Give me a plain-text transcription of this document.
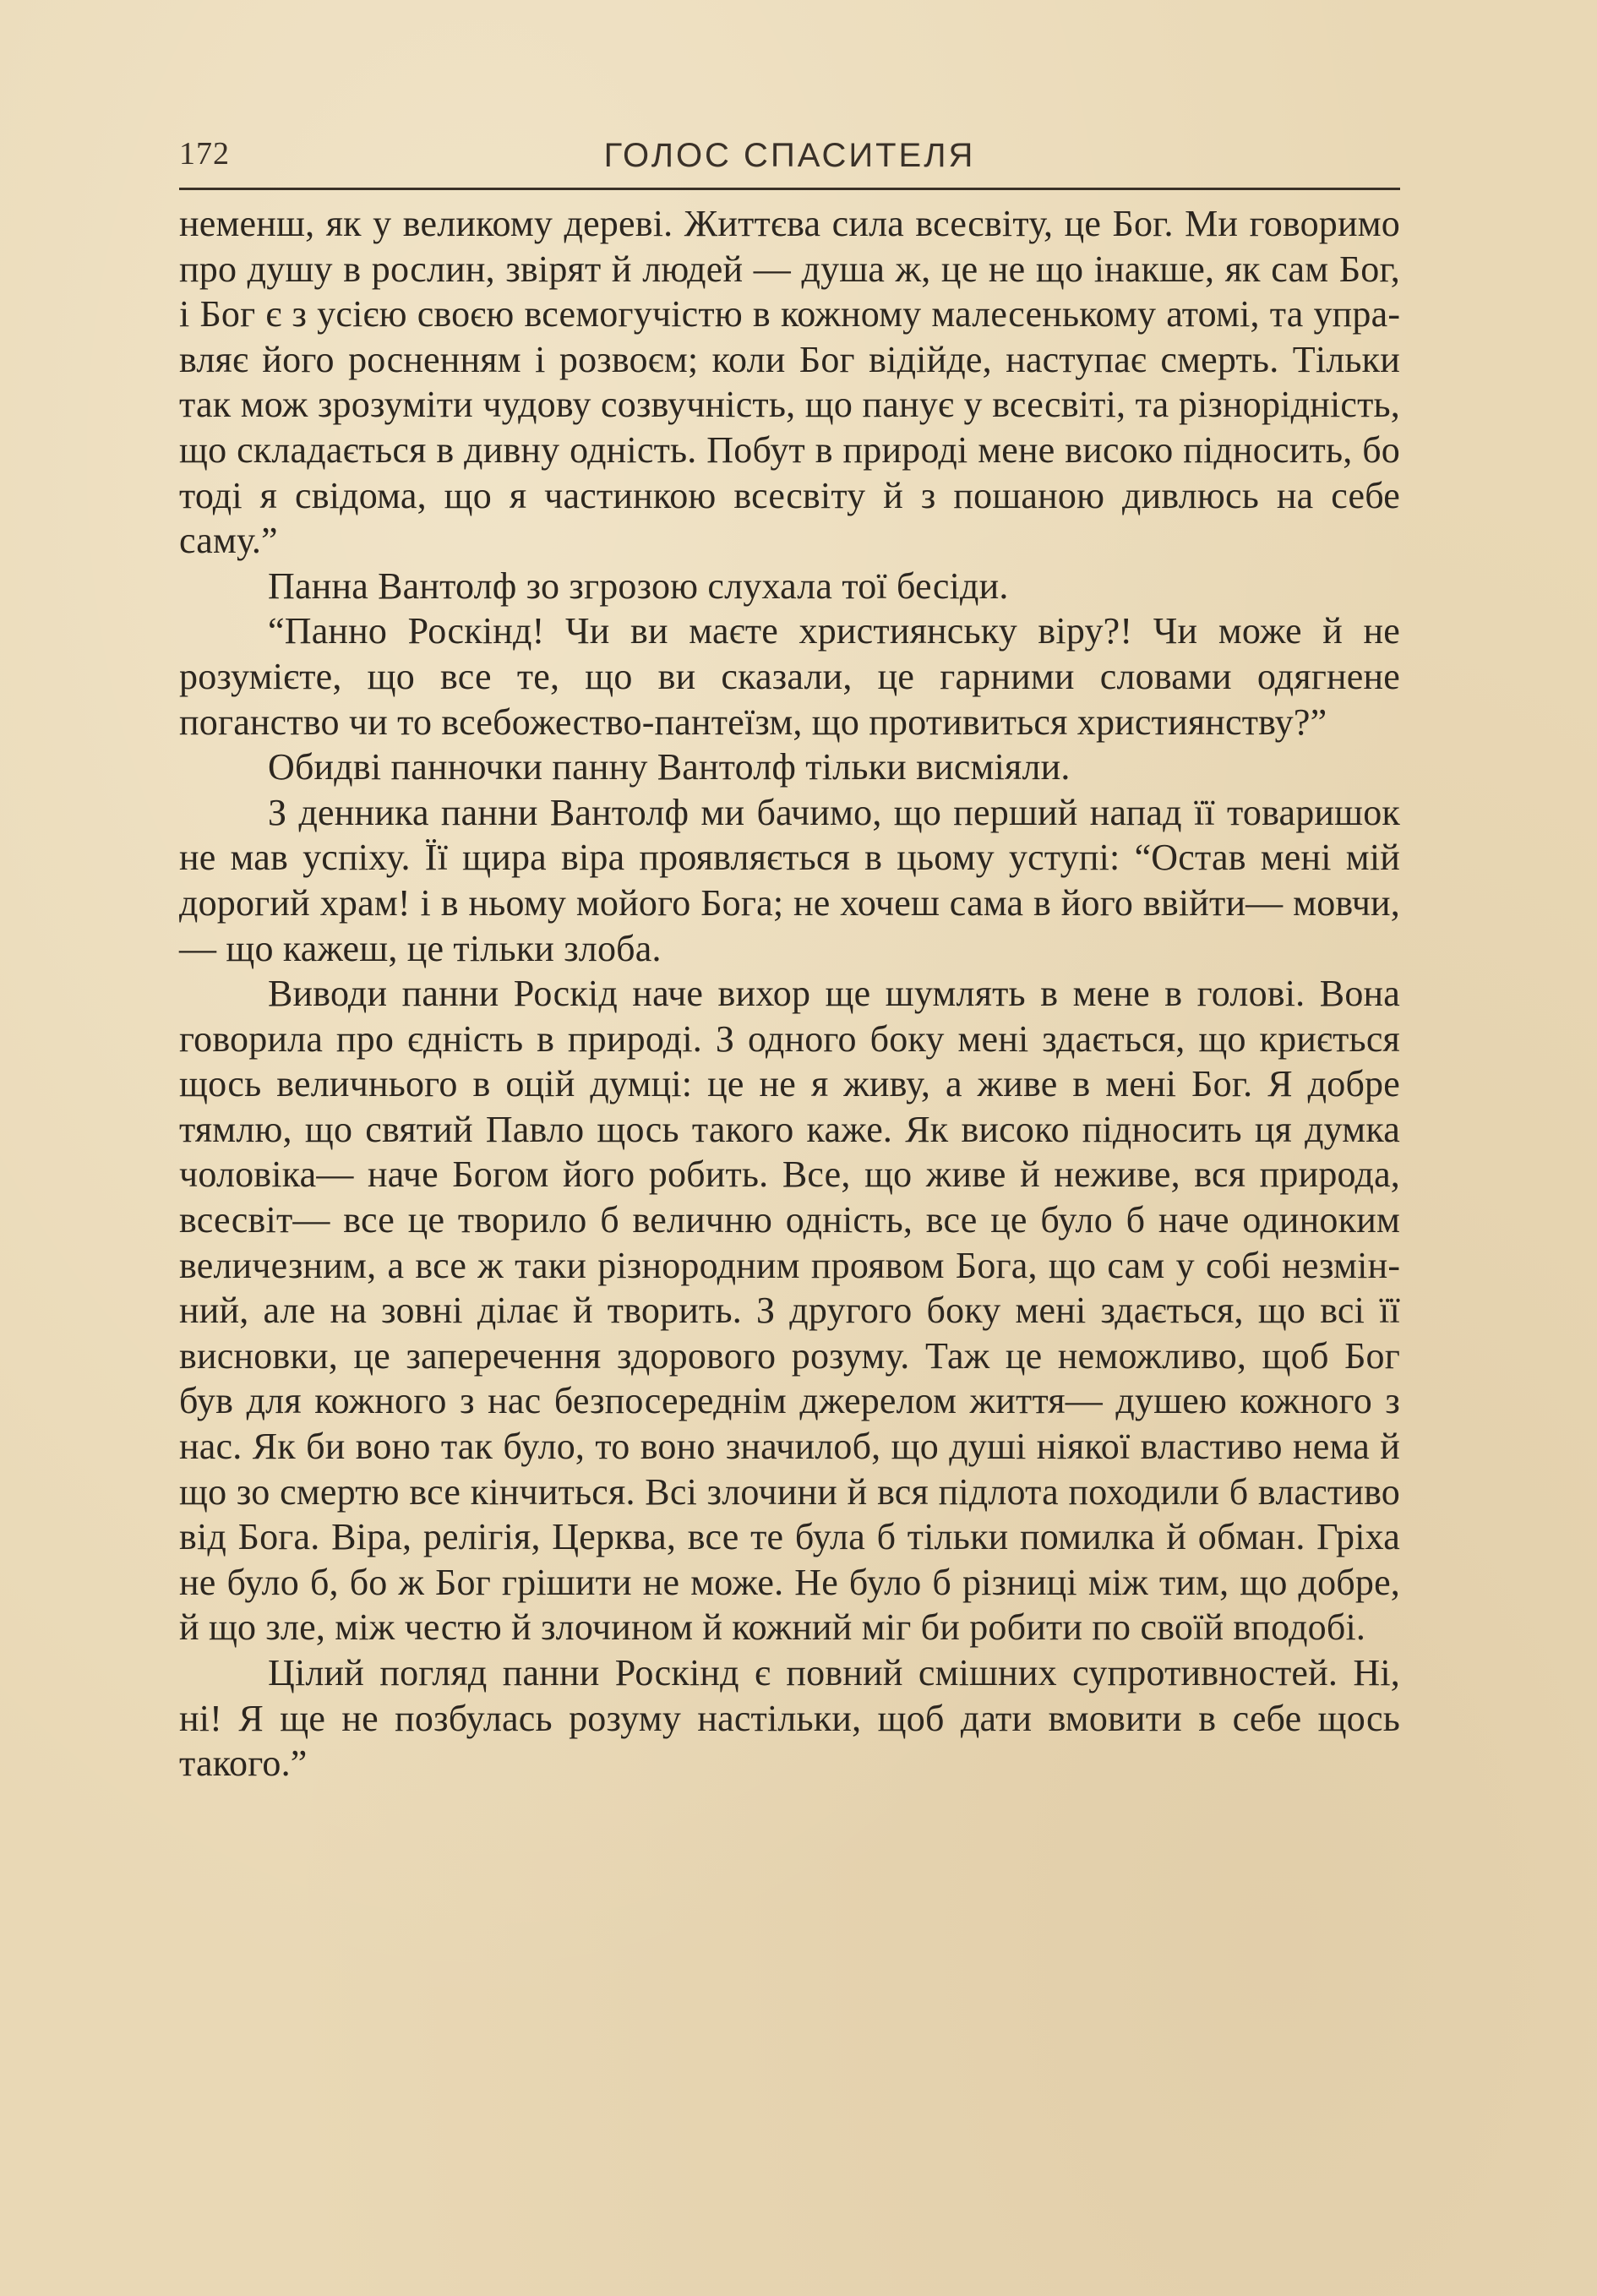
172	ГОЛОС СПАСИТЕЛЯ

неменш, як у великому дереві. Життєва сила всесвіту, це Бог. Ми говоримо про душу в рослин, звірят й людей — душа ж, це не що інакше, як сам Бог, і Бог є з усією своєю всемогучістю в кожному малесенькому атомі, та управляє його росненням і розвоєм; коли Бог відійде, наступає смерть. Тільки так мож зрозуміти чудову созвучність, що панує у всесвіті, та різнорідність, що складається в дивну одність. Побут в природі мене високо підносить, бо тоді я свідома, що я частинкою всесвіту й з пошаною дивлюсь на себе саму.”

Панна Вантолф зо згрозою слухала тої бесіди.

“Панно Роскінд! Чи ви маєте християнську віру?! Чи може й не розумієте, що все те, що ви сказали, це гарними словами одягнене поганство чи то всебожество-пантеїзм, що противиться християнству?”

Обидві панночки панну Вантолф тільки висміяли.

З денника панни Вантолф ми бачимо, що перший напад її товаришок не мав успіху. Її щира віра проявляється в цьому уступі: “Остав мені мій дорогий храм! і в ньому мойого Бога; не хочеш сама в його ввійти— мовчи, — що кажеш, це тільки злоба.

Виводи панни Роскід наче вихор ще шумлять в мене в голові. Вона говорила про єдність в природі. З одного боку мені здається, що криється щось величнього в оцій думці: це не я живу, а живе в мені Бог. Я добре тямлю, що святий Павло щось такого каже. Як високо підносить ця думка чоловіка— наче Богом його робить. Все, що живе й неживе, вся природа, всесвіт— все це творило б величню одність, все це було б наче одиноким величезним, а все ж таки різнородним проявом Бога, що сам у собі незмінний, але на зовні ділає й творить. З другого боку мені здається, що всі її висновки, це заперечення здорового розуму. Таж це неможливо, щоб Бог був для кожного з нас безпосереднім джерелом життя— душею кожного з нас. Як би воно так було, то воно значилоб, що душі ніякої властиво нема й що зо смертю все кінчиться. Всі злочини й вся підлота походили б властиво від Бога. Віра, релігія, Церква, все те була б тільки помилка й обман. Гріха не було б, бо ж Бог грішити не може. Не було б різниці між тим, що добре, й що зле, між честю й злочином й кожний міг би робити по своїй вподобі.

Цілий погляд панни Роскінд є повний смішних супротивностей. Ні, ні! Я ще не позбулась розуму настільки, щоб дати вмовити в себе щось такого.”
